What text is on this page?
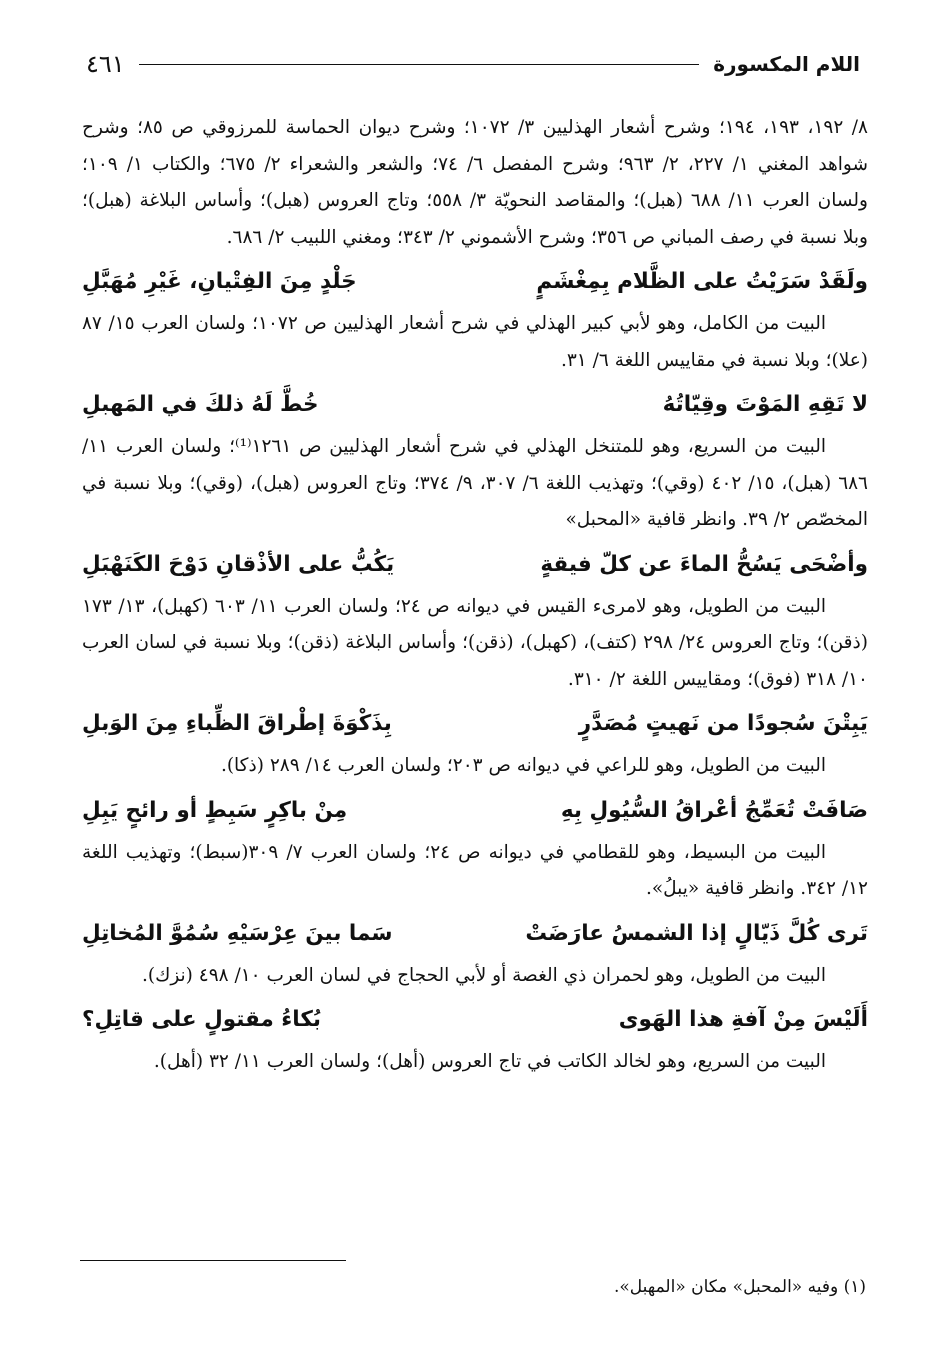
اللام المكسورة
٤٦١

٨/ ١٩٢، ١٩٣، ١٩٤؛ وشرح أشعار الهذليين ٣/ ١٠٧٢؛ وشرح ديوان الحماسة للمرزوقي ص ٨٥؛ وشرح شواهد المغني ١/ ٢٢٧، ٢/ ٩٦٣؛ وشرح المفصل ٦/ ٧٤؛ والشعر والشعراء ٢/ ٦٧٥؛ والكتاب ١/ ١٠٩؛ ولسان العرب ١١/ ٦٨٨ (هبل)؛ والمقاصد النحويّة ٣/ ٥٥٨؛ وتاج العروس (هبل)؛ وأساس البلاغة (هبل)؛ وبلا نسبة في رصف المباني ص ٣٥٦؛ وشرح الأشموني ٢/ ٣٤٣؛ ومغني اللبيب ٢/ ٦٨٦.

ولَقَدْ سَرَيْتُ على الظَّلام بِمِغْشَمٍ
جَلْدٍ مِنَ الفِتْيانِ، غَيْرِ مُهَبَّلِ

البيت من الكامل، وهو لأبي كبير الهذلي في شرح أشعار الهذليين ص ١٠٧٢؛ ولسان العرب ١٥/ ٨٧ (علا)؛ وبلا نسبة في مقاييس اللغة ٦/ ٣١.

لا تَقِهِ المَوْتَ وقِيّاتُهُ
خُطَّ لَهُ ذلكَ في المَهبلِ

البيت من السريع، وهو للمتنخل الهذلي في شرح أشعار الهذليين ص ١٢٦١⁽¹⁾؛ ولسان العرب ١١/ ٦٨٦ (هبل)، ١٥/ ٤٠٢ (وقي)؛ وتهذيب اللغة ٦/ ٣٠٧، ٩/ ٣٧٤؛ وتاج العروس (هبل)، (وقي)؛ وبلا نسبة في المخصّص ٢/ ٣٩. وانظر قافية «المحبل»

وأضْحَى يَسُحُّ الماءَ عن كلّ فيقةٍ
يَكُبُّ على الأذْقانِ دَوْحَ الكَنَهْبَلِ

البيت من الطويل، وهو لامرىء القيس في ديوانه ص ٢٤؛ ولسان العرب ١١/ ٦٠٣ (كهبل)، ١٣/ ١٧٣ (ذقن)؛ وتاج العروس ٢٤/ ٢٩٨ (كتف)، (كهبل)، (ذقن)؛ وأساس البلاغة (ذقن)؛ وبلا نسبة في لسان العرب ١٠/ ٣١٨ (فوق)؛ ومقاييس اللغة ٢/ ٣١٠.

يَبِتْنَ سُجودًا من نَهيتٍ مُصَدَّرٍ
بِذَكْوَةَ إطْراقَ الظِّباءِ مِنَ الوَبلِ

البيت من الطويل، وهو للراعي في ديوانه ص ٢٠٣؛ ولسان العرب ١٤/ ٢٨٩ (ذكا).

صَافَتْ تُعَمِّجُ أعْراقُ السُّيُولِ بِهِ
مِنْ باكِرٍ سَبِطٍ أو رائحٍ يَبِلِ

البيت من البسيط، وهو للقطامي في ديوانه ص ٢٤؛ ولسان العرب ٧/ ٣٠٩(سبط)؛ وتهذيب اللغة ١٢/ ٣٤٢. وانظر قافية «يبلُ».

تَرى كُلَّ ذَيّالٍ إذا الشمسُ عارَضَتْ
سَما بينَ عِرْسَيْهِ سُمُوَّ المُخاتِلِ

البيت من الطويل، وهو لحمران ذي الغصة أو لأبي الحجاج في لسان العرب ١٠/ ٤٩٨ (نزك).

أَلَيْسَ مِنْ آفةِ هذا الهَوى
بُكاءُ مقتولٍ على قاتِلِ؟

البيت من السريع، وهو لخالد الكاتب في تاج العروس (أهل)؛ ولسان العرب ١١/ ٣٢ (أهل).

(١) وفيه «المحبل» مكان «المهبل».
